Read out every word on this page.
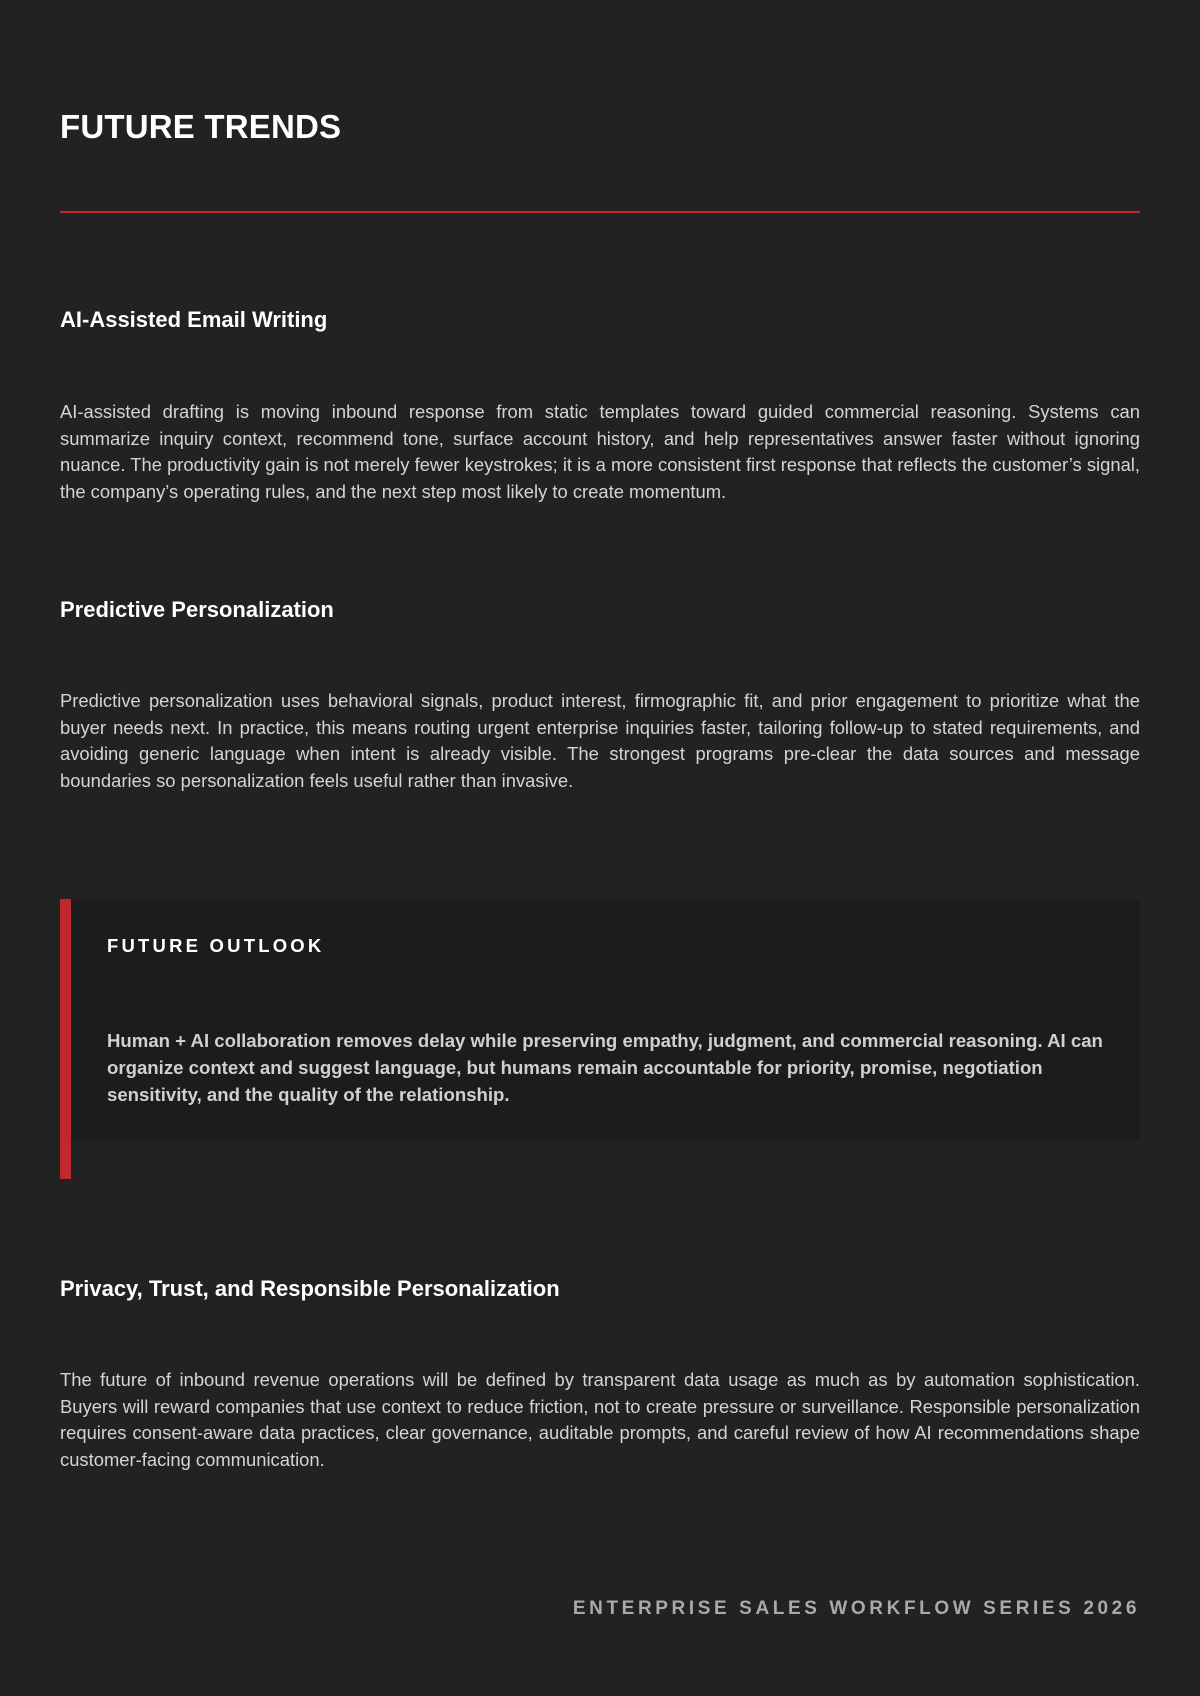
FUTURE TRENDS
AI-Assisted Email Writing

AI-assisted drafting is moving inbound response from static templates toward guided commercial reasoning. Systems can summarize inquiry context, recommend tone, surface account history, and help representatives answer faster without ignoring nuance. The productivity gain is not merely fewer keystrokes; it is a more consistent first response that reflects the customer’s signal, the company’s operating rules, and the next step most likely to create momentum.

Predictive Personalization

Predictive personalization uses behavioral signals, product interest, firmographic fit, and prior engagement to prioritize what the buyer needs next. In practice, this means routing urgent enterprise inquiries faster, tailoring follow-up to stated requirements, and avoiding generic language when intent is already visible. The strongest programs pre-clear the data sources and message boundaries so personalization feels useful rather than invasive.

FUTURE OUTLOOK

Human + AI collaboration removes delay while preserving empathy, judgment, and commercial reasoning. AI can organize context and suggest language, but humans remain accountable for priority, promise, negotiation sensitivity, and the quality of the relationship.

Privacy, Trust, and Responsible Personalization

The future of inbound revenue operations will be defined by transparent data usage as much as by automation sophistication. Buyers will reward companies that use context to reduce friction, not to create pressure or surveillance. Responsible personalization requires consent-aware data practices, clear governance, auditable prompts, and careful review of how AI recommendations shape customer-facing communication.

ENTERPRISE SALES WORKFLOW SERIES 2026
